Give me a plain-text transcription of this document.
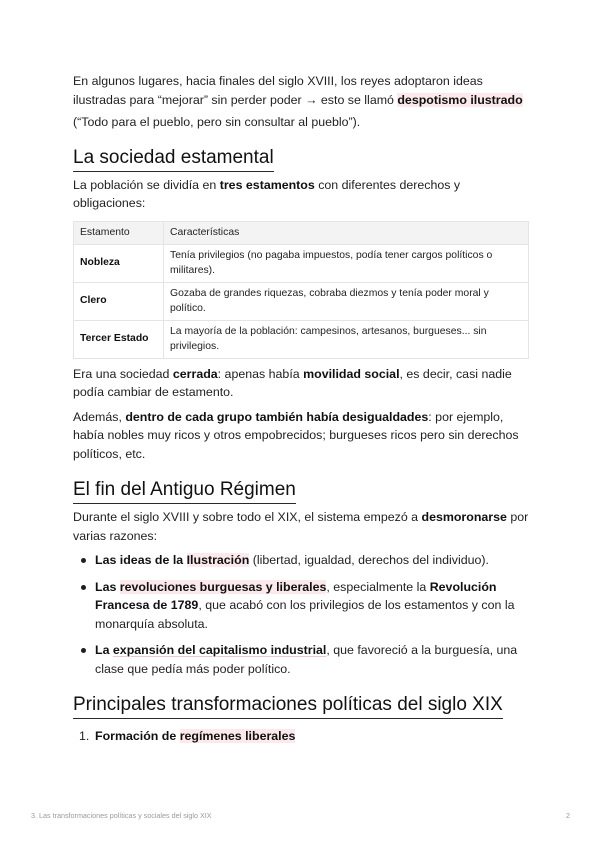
En algunos lugares, hacia finales del siglo XVIII, los reyes adoptaron ideas ilustradas para “mejorar” sin perder poder → esto se llamó despotismo ilustrado

(“Todo para el pueblo, pero sin consultar al pueblo”).

La sociedad estamental

La población se dividía en tres estamentos con diferentes derechos y obligaciones:

Estamento	Características
Nobleza	Tenía privilegios (no pagaba impuestos, podía tener cargos políticos o militares).
Clero	Gozaba de grandes riquezas, cobraba diezmos y tenía poder moral y político.
Tercer Estado	La mayoría de la población: campesinos, artesanos, burgueses... sin privilegios.

Era una sociedad cerrada: apenas había movilidad social, es decir, casi nadie podía cambiar de estamento.

Además, dentro de cada grupo también había desigualdades: por ejemplo, había nobles muy ricos y otros empobrecidos; burgueses ricos pero sin derechos políticos, etc.

El fin del Antiguo Régimen

Durante el siglo XVIII y sobre todo el XIX, el sistema empezó a desmoronarse por varias razones:

Las ideas de la Ilustración (libertad, igualdad, derechos del individuo).
Las revoluciones burguesas y liberales, especialmente la Revolución Francesa de 1789, que acabó con los privilegios de los estamentos y con la monarquía absoluta.
La expansión del capitalismo industrial, que favoreció a la burguesía, una clase que pedía más poder político.
Principales transformaciones políticas del siglo XIX
1. Formación de regímenes liberales
3. Las transformaciones políticas y sociales del siglo XIX	2
